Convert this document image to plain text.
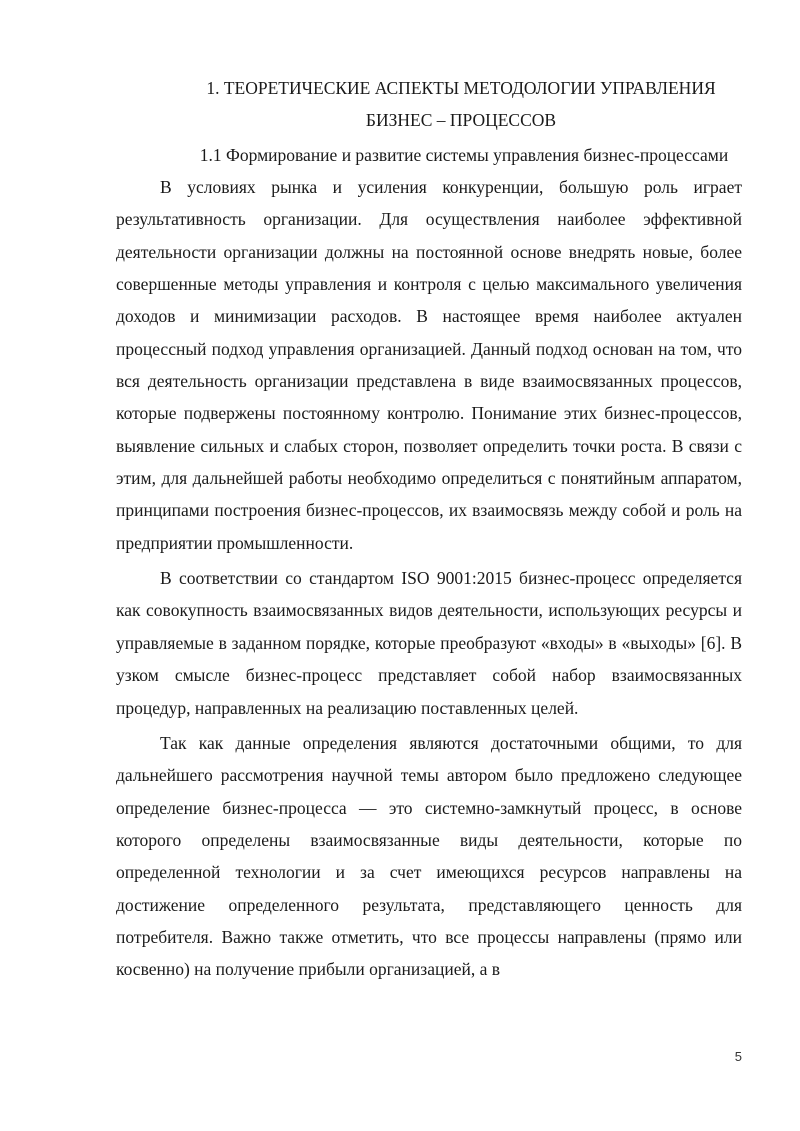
1. ТЕОРЕТИЧЕСКИЕ АСПЕКТЫ МЕТОДОЛОГИИ УПРАВЛЕНИЯ

БИЗНЕС – ПРОЦЕССОВ

1.1 Формирование и развитие системы управления бизнес-процессами

В условиях рынка и усиления конкуренции, большую роль играет результативность организации. Для осуществления наиболее эффективной деятельности организации должны на постоянной основе внедрять новые, более совершенные методы управления и контроля с целью максимального увеличения доходов и минимизации расходов. В настоящее время наиболее актуален процессный подход управления организацией. Данный подход основан на том, что вся деятельность организации представлена в виде взаимосвязанных процессов, которые подвержены постоянному контролю. Понимание этих бизнес-процессов, выявление сильных и слабых сторон, позволяет определить точки роста. В связи с этим, для дальнейшей работы необходимо определиться с понятийным аппаратом, принципами построения бизнес-процессов, их взаимосвязь между собой и роль на предприятии промышленности.

В соответствии со стандартом ISO 9001:2015 бизнес-процесс определяется как совокупность взаимосвязанных видов деятельности, использующих ресурсы и управляемые в заданном порядке, которые преобразуют «входы» в «выходы» [6]. В узком смысле бизнес-процесс представляет собой набор взаимосвязанных процедур, направленных на реализацию поставленных целей.

Так как данные определения являются достаточными общими, то для дальнейшего рассмотрения научной темы автором было предложено следующее определение бизнес-процесса — это системно-замкнутый процесс, в основе которого определены взаимосвязанные виды деятельности, которые по определенной технологии и за счет имеющихся ресурсов направлены на достижение определенного результата, представляющего ценность для потребителя. Важно также отметить, что все процессы направлены (прямо или косвенно) на получение прибыли организацией, а в

5
